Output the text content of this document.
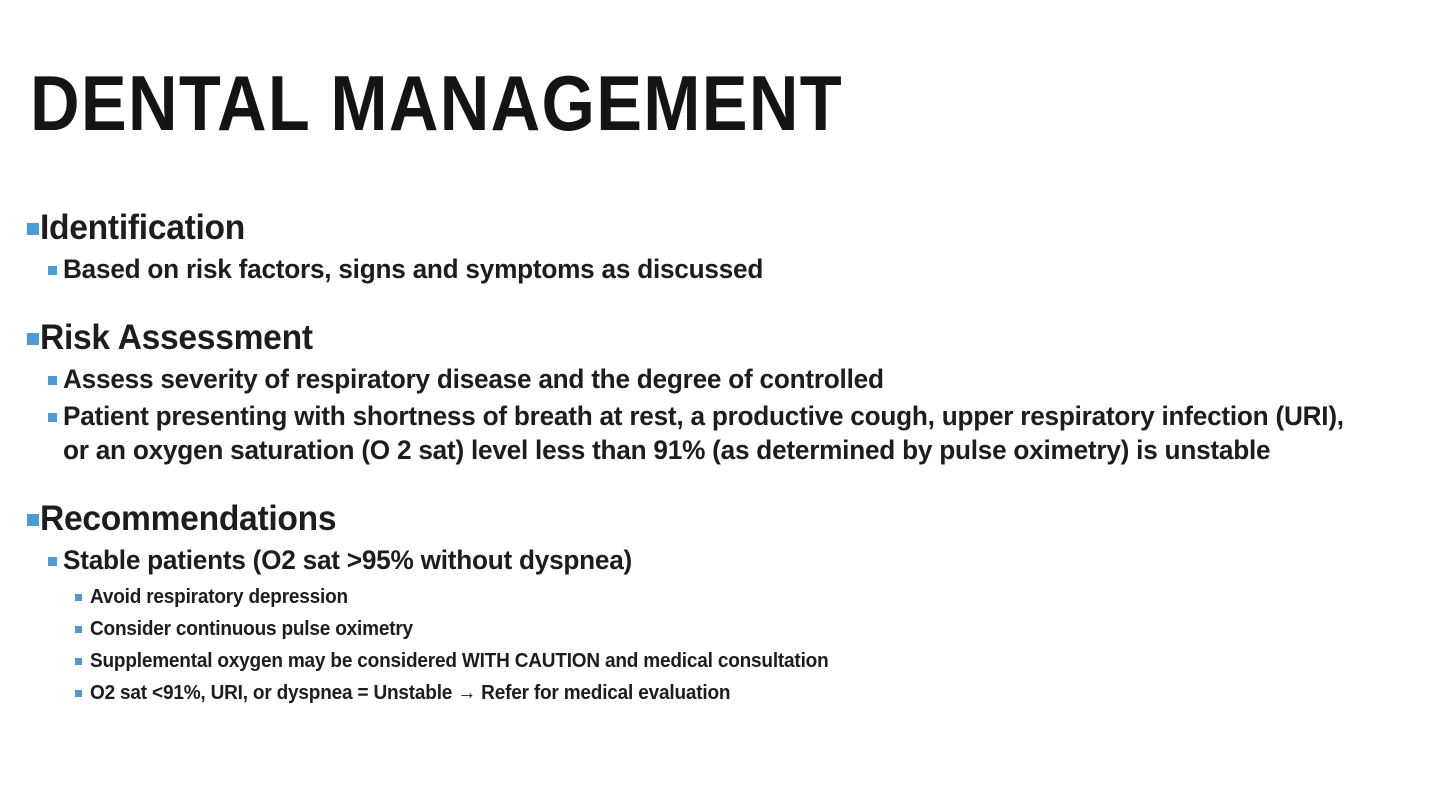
DENTAL MANAGEMENT
Identification
Based on risk factors, signs and symptoms as discussed
Risk Assessment
Assess severity of respiratory disease and the degree of controlled
Patient presenting with shortness of breath at rest, a productive cough, upper respiratory infection (URI), or an oxygen saturation (O 2 sat) level less than 91% (as determined by pulse oximetry) is unstable
Recommendations
Stable patients (O2 sat >95% without dyspnea)
Avoid respiratory depression
Consider continuous pulse oximetry
Supplemental oxygen may be considered WITH CAUTION and medical consultation
O2 sat <91%, URI, or dyspnea = Unstable → Refer for medical evaluation
